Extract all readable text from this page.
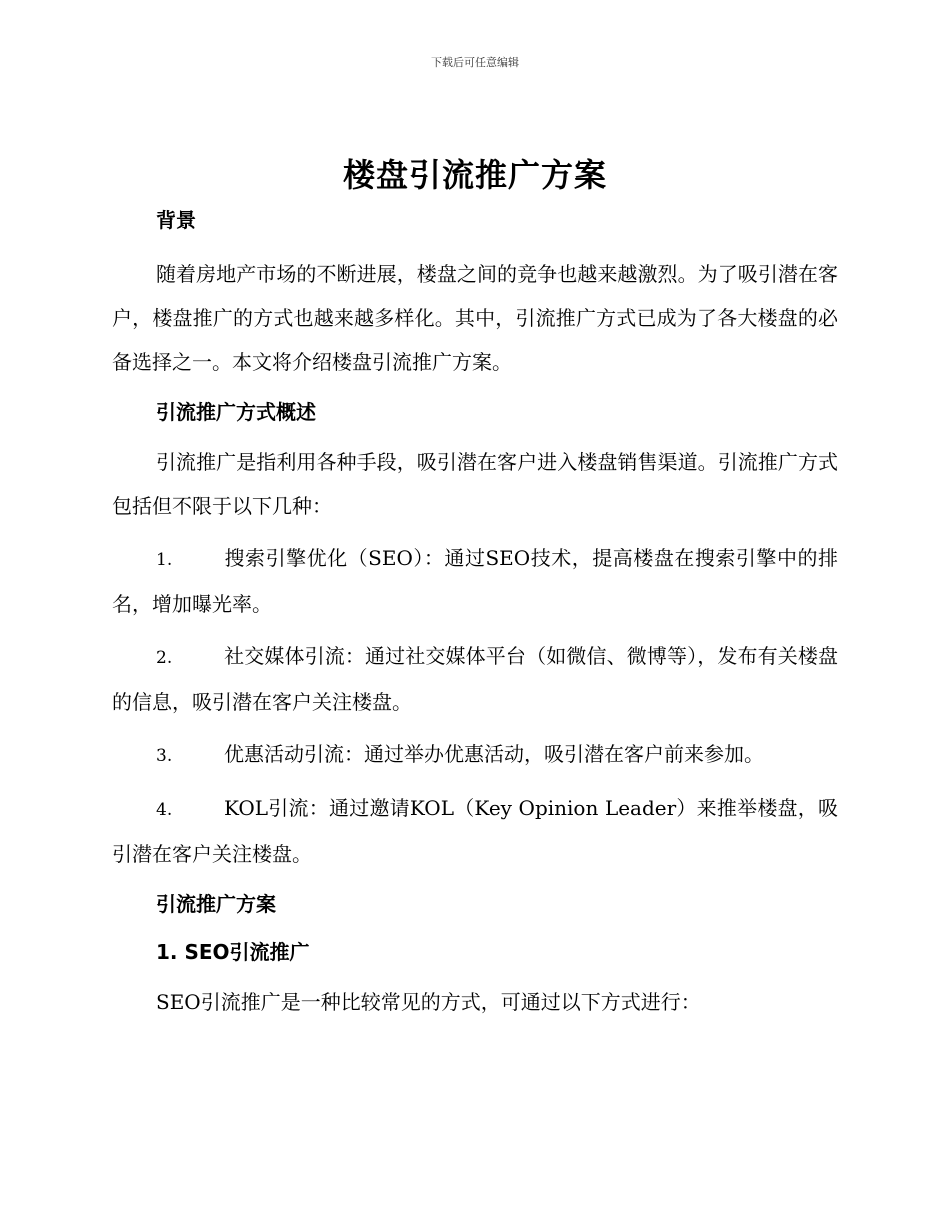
下载后可任意编辑
楼盘引流推广方案
背景
随着房地产市场的不断进展，楼盘之间的竞争也越来越激烈。为了吸引潜在客户，楼盘推广的方式也越来越多样化。其中，引流推广方式已成为了各大楼盘的必备选择之一。本文将介绍楼盘引流推广方案。
引流推广方式概述
引流推广是指利用各种手段，吸引潜在客户进入楼盘销售渠道。引流推广方式包括但不限于以下几种：
1.	搜索引擎优化（SEO）：通过SEO技术，提高楼盘在搜索引擎中的排名，增加曝光率。
2.	社交媒体引流：通过社交媒体平台（如微信、微博等），发布有关楼盘的信息，吸引潜在客户关注楼盘。
3.	优惠活动引流：通过举办优惠活动，吸引潜在客户前来参加。
4.	KOL引流：通过邀请KOL（Key Opinion Leader）来推举楼盘，吸引潜在客户关注楼盘。
引流推广方案
1. SEO引流推广
SEO引流推广是一种比较常见的方式，可通过以下方式进行：
